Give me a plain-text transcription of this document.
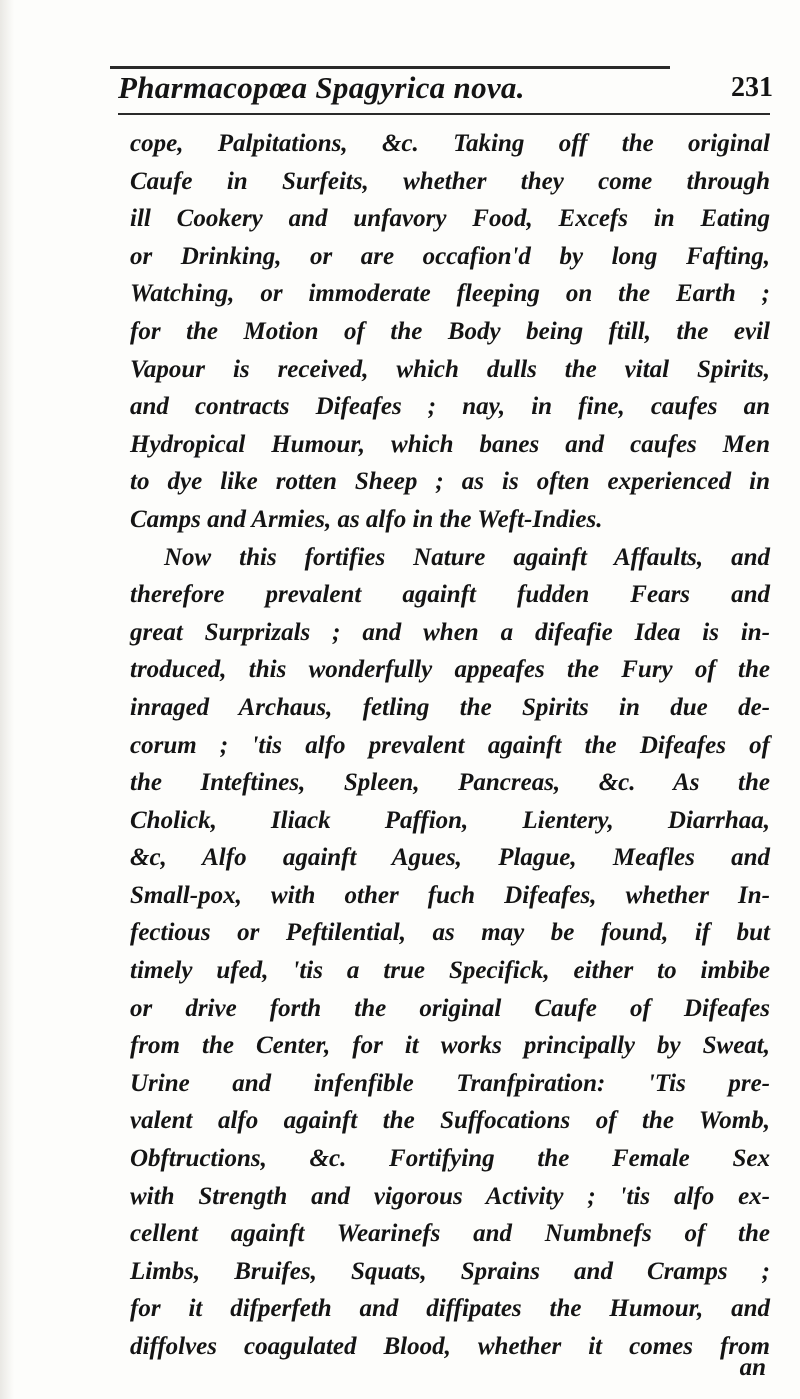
Pharmacopœa Spagyrica nova.	231
cope, Palpitations, &c. Taking off the original
Caufe in Surfeits, whether they come through
ill Cookery and unfavory Food, Excefs in Eating
or Drinking, or are occafion'd by long Fafting,
Watching, or immoderate fleeping on the Earth ;
for the Motion of the Body being ftill, the evil
Vapour is received, which dulls the vital Spirits,
and contracts Difeafes ; nay, in fine, caufes an
Hydropical Humour, which banes and caufes Men
to dye like rotten Sheep ; as is often experienced in
Camps and Armies, as alfo in the Weft-Indies.
Now this fortifies Nature againft Affaults, and
therefore prevalent againft fudden Fears and
great Surprizals ; and when a difeafie Idea is in-
troduced, this wonderfully appeafes the Fury of the
inraged Archaus, fetling the Spirits in due de-
corum ; 'tis alfo prevalent againft the Difeafes of
the Inteftines, Spleen, Pancreas, &c. As the
Cholick, Iliack Paffion, Lientery, Diarrhaa,
&c, Alfo againft Agues, Plague, Meafles and
Small-pox, with other fuch Difeafes, whether In-
fectious or Peftilential, as may be found, if but
timely ufed, 'tis a true Specifick, either to imbibe
or drive forth the original Caufe of Difeafes
from the Center, for it works principally by Sweat,
Urine and infenfible Tranfpiration: 'Tis pre-
valent alfo againft the Suffocations of the Womb,
Obftructions, &c. Fortifying the Female Sex
with Strength and vigorous Activity ; 'tis alfo ex-
cellent againft Wearinefs and Numbnefs of the
Limbs, Bruifes, Squats, Sprains and Cramps ;
for it difperfeth and diffipates the Humour, and
diffolves coagulated Blood, whether it comes from
an
